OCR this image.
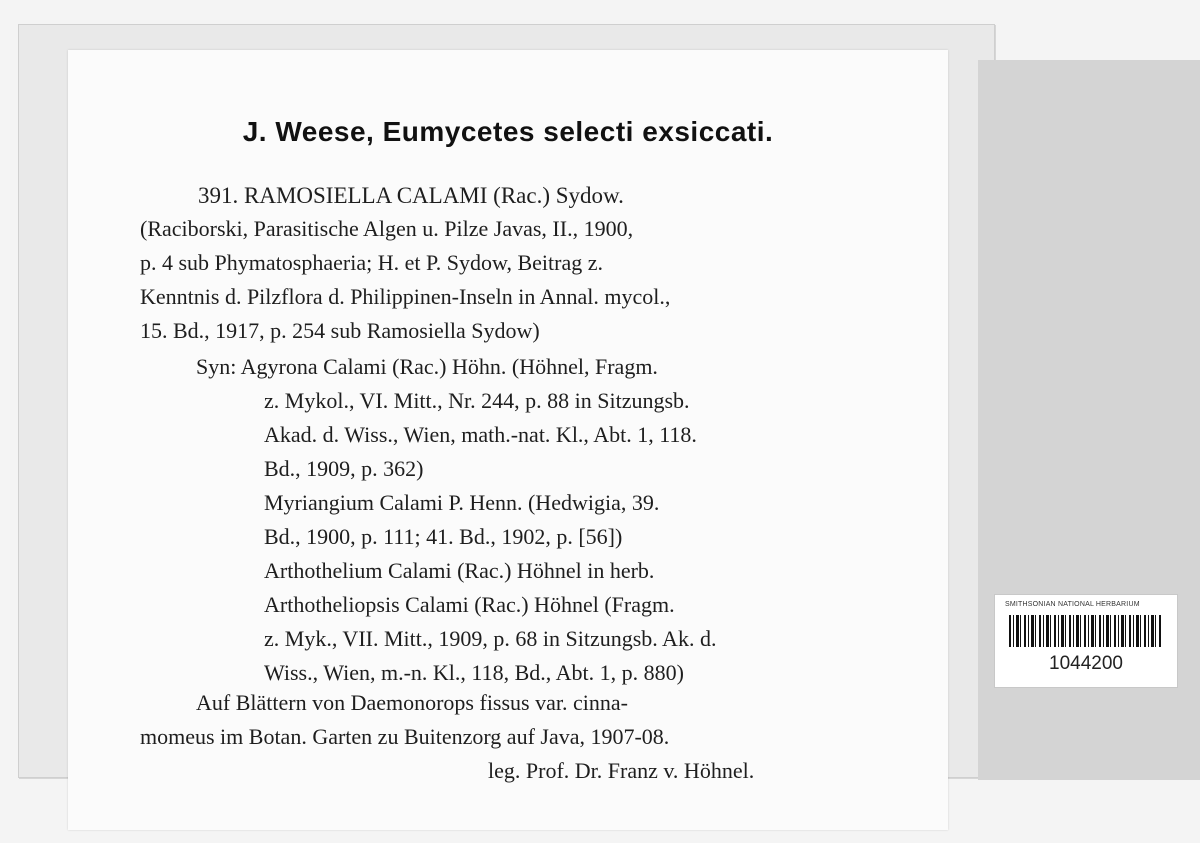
J. Weese, Eumycetes selecti exsiccati.
391. RAMOSIELLA CALAMI (Rac.) Sydow.
(Raciborski, Parasitische Algen u. Pilze Javas, II., 1900,
p. 4 sub Phymatosphaeria; H. et P. Sydow, Beitrag z.
Kenntnis d. Pilzflora d. Philippinen-Inseln in Annal. mycol.,
15. Bd., 1917, p. 254 sub Ramosiella Sydow)
Syn: Agyrona Calami (Rac.) Höhn. (Höhnel, Fragm.
z. Mykol., VI. Mitt., Nr. 244, p. 88 in Sitzungsb.
Akad. d. Wiss., Wien, math.-nat. Kl., Abt. 1, 118.
Bd., 1909, p. 362)
Myriangium Calami P. Henn. (Hedwigia, 39.
Bd., 1900, p. 111; 41. Bd., 1902, p. [56])
Arthothelium Calami (Rac.) Höhnel in herb.
Arthotheliopsis Calami (Rac.) Höhnel (Fragm.
z. Myk., VII. Mitt., 1909, p. 68 in Sitzungsb. Ak. d.
Wiss., Wien, m.-n. Kl., 118, Bd., Abt. 1, p. 880)
Auf Blättern von Daemonorops fissus var. cinna-
momeus im Botan. Garten zu Buitenzorg auf Java, 1907-08.
leg. Prof. Dr. Franz v. Höhnel.
SMITHSONIAN NATIONAL HERBARIUM
1044200
